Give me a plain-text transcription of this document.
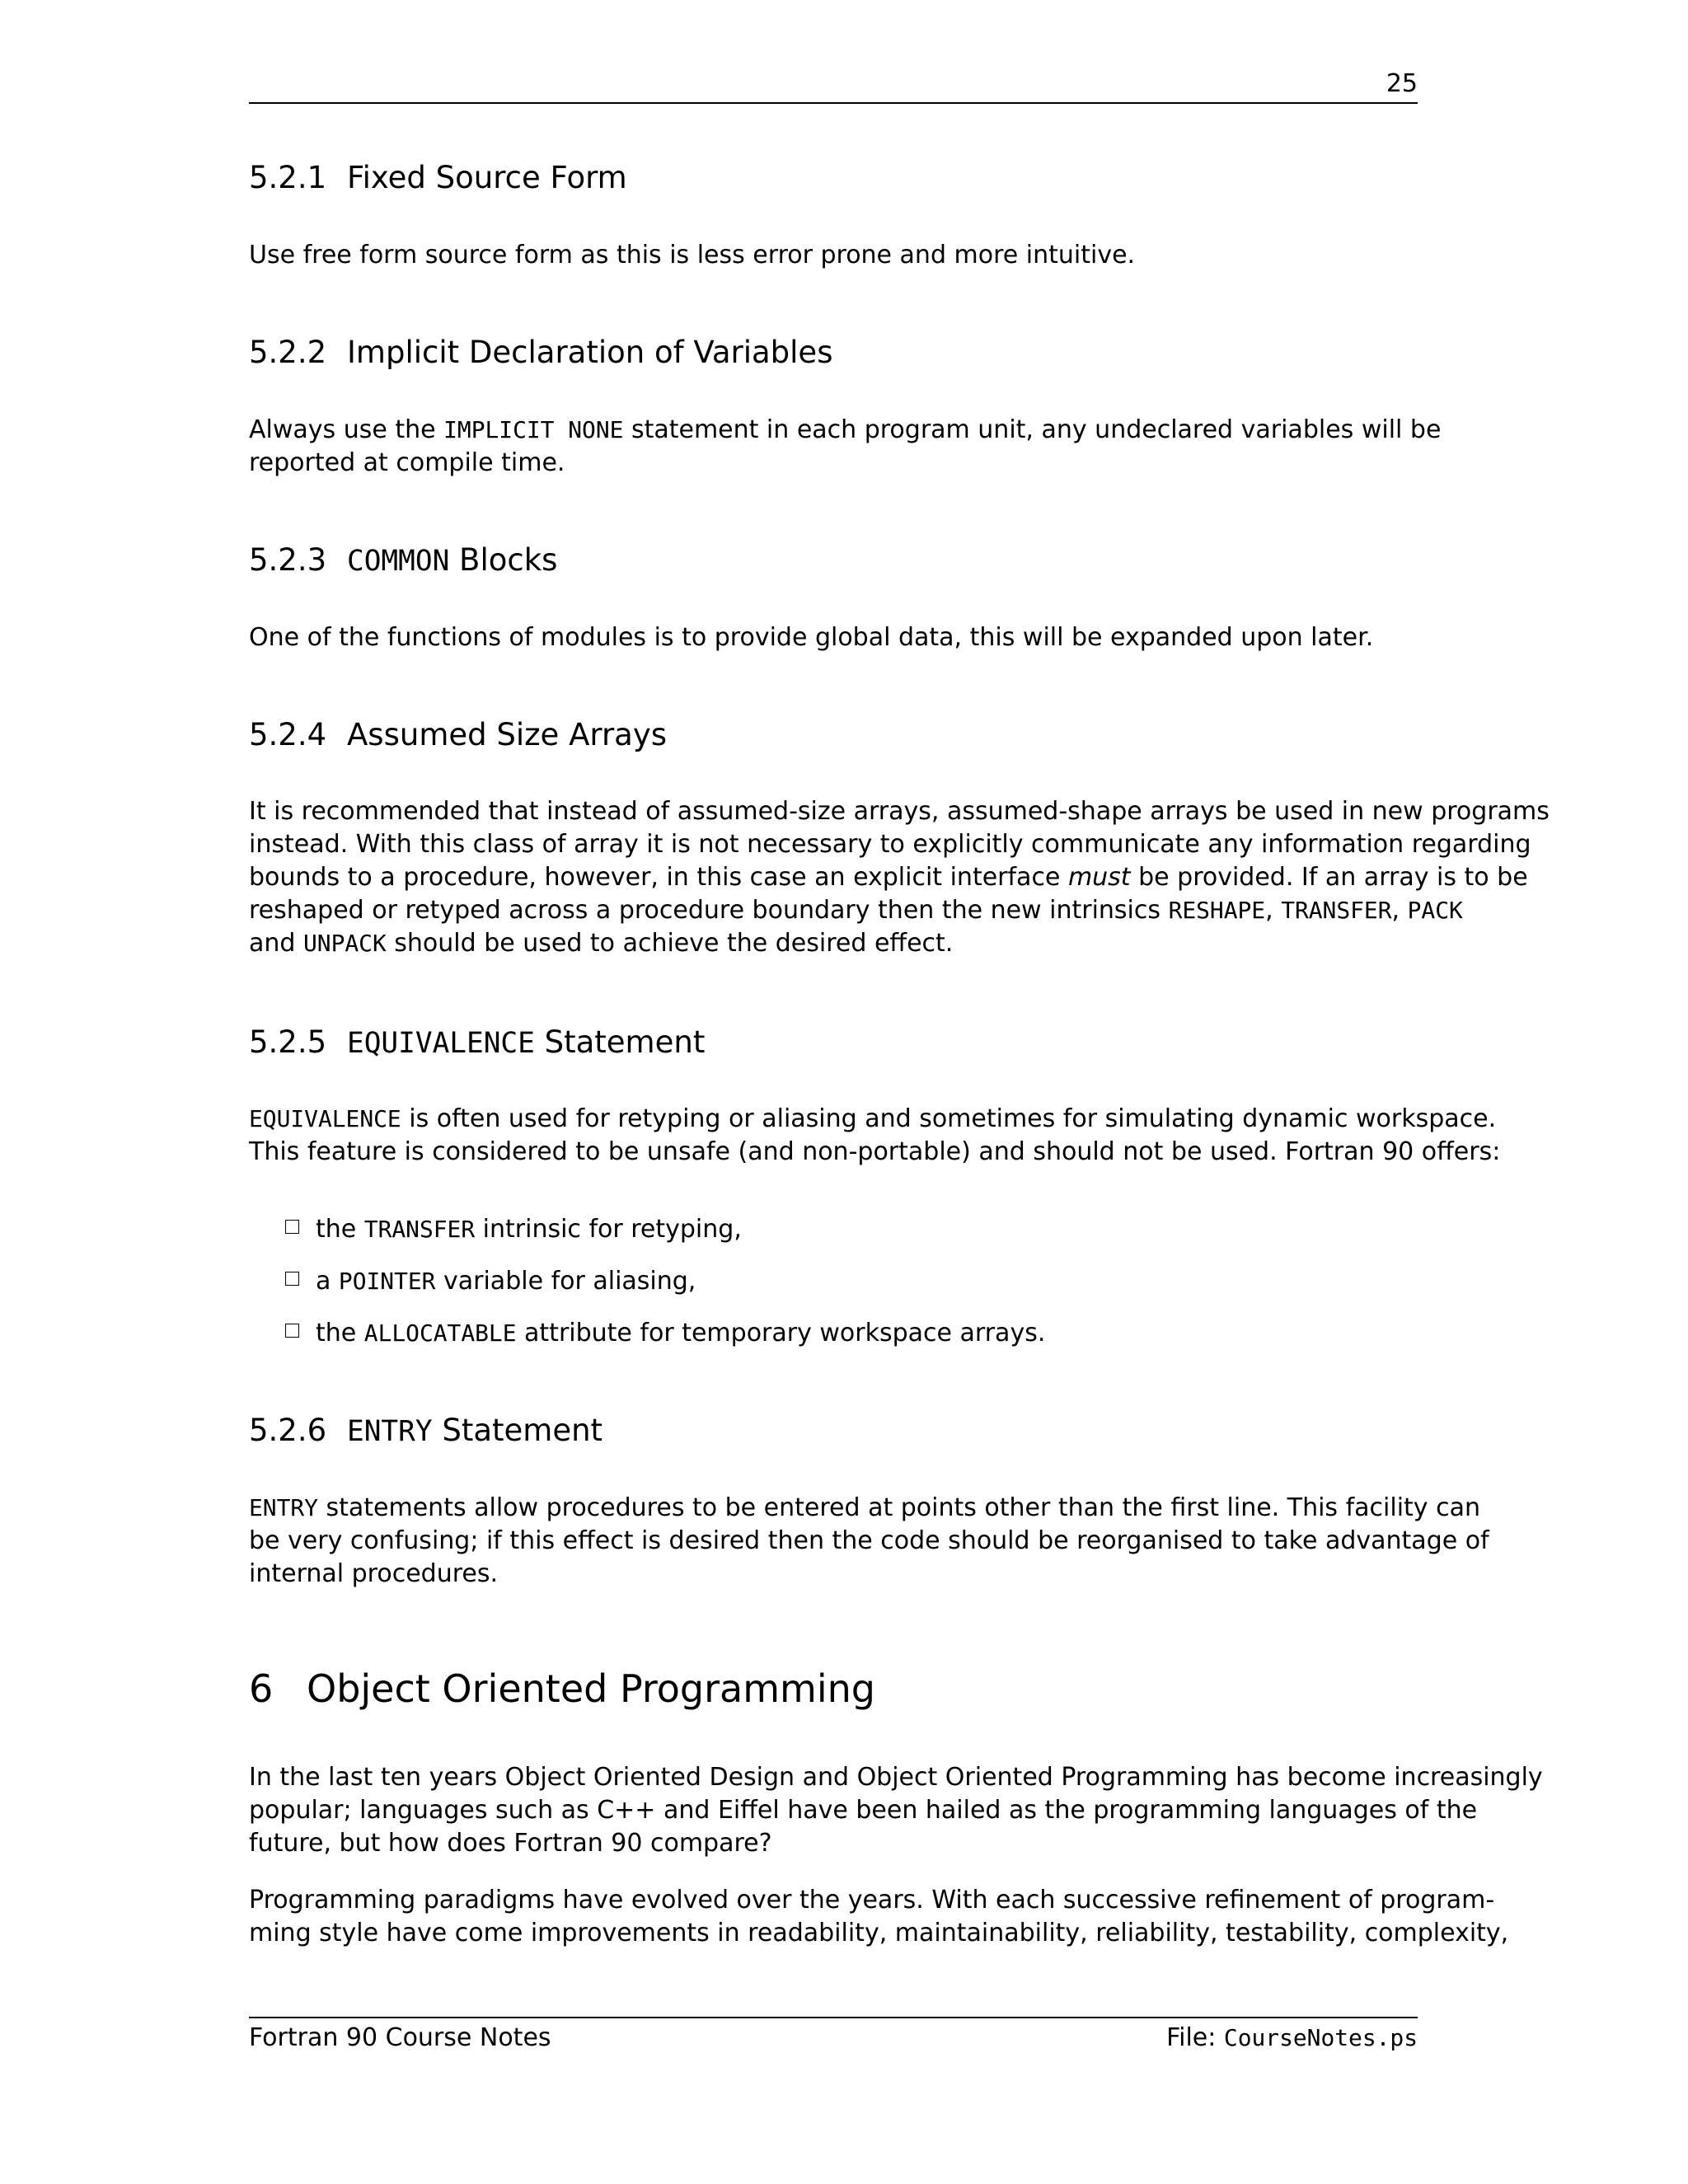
25
5.2.1 Fixed Source Form
Use free form source form as this is less error prone and more intuitive.
5.2.2 Implicit Declaration of Variables
Always use the IMPLICIT NONE statement in each program unit, any undeclared variables will be
reported at compile time.
5.2.3 COMMON Blocks
One of the functions of modules is to provide global data, this will be expanded upon later.
5.2.4 Assumed Size Arrays
It is recommended that instead of assumed-size arrays, assumed-shape arrays be used in new programs
instead. With this class of array it is not necessary to explicitly communicate any information regarding
bounds to a procedure, however, in this case an explicit interface must be provided. If an array is to be
reshaped or retyped across a procedure boundary then the new intrinsics RESHAPE, TRANSFER, PACK
and UNPACK should be used to achieve the desired effect.
5.2.5 EQUIVALENCE Statement
EQUIVALENCE is often used for retyping or aliasing and sometimes for simulating dynamic workspace.
This feature is considered to be unsafe (and non-portable) and should not be used. Fortran 90 offers:
the TRANSFER intrinsic for retyping,
a POINTER variable for aliasing,
the ALLOCATABLE attribute for temporary workspace arrays.
5.2.6 ENTRY Statement
ENTRY statements allow procedures to be entered at points other than the first line. This facility can
be very confusing; if this effect is desired then the code should be reorganised to take advantage of
internal procedures.
6 Object Oriented Programming
In the last ten years Object Oriented Design and Object Oriented Programming has become increasingly
popular; languages such as C++ and Eiffel have been hailed as the programming languages of the
future, but how does Fortran 90 compare?
Programming paradigms have evolved over the years. With each successive refinement of program-
ming style have come improvements in readability, maintainability, reliability, testability, complexity,
Fortran 90 Course Notes	File: CourseNotes.ps
